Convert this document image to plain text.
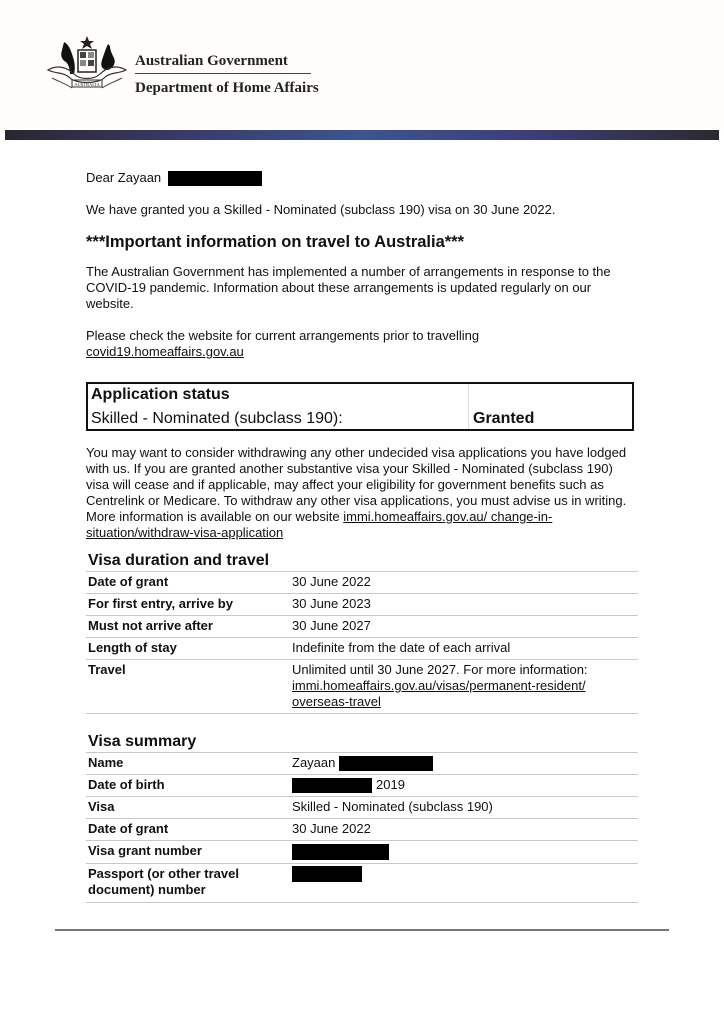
AUSTRALIA
Australian Government
Department of Home Affairs

Dear Zayaan

We have granted you a Skilled - Nominated (subclass 190) visa on 30 June 2022.

***Important information on travel to Australia***

The Australian Government has implemented a number of arrangements in response to the COVID-19 pandemic. Information about these arrangements is updated regularly on our website.

Please check the website for current arrangements prior to travelling

covid19.homeaffairs.gov.au
Application status
Skilled - Nominated (subclass 190):	Granted

You may want to consider withdrawing any other undecided visa applications you have lodged with us. If you are granted another substantive visa your Skilled - Nominated (subclass 190) visa will cease and if applicable, may affect your eligibility for government benefits such as Centrelink or Medicare. To withdraw any other visa applications, you must advise us in writing. More information is available on our website immi.homeaffairs.gov.au/ change-in-situation/withdraw-visa-application

Visa duration and travel
Date of grant	30 June 2022
For first entry, arrive by	30 June 2023
Must not arrive after	30 June 2027
Length of stay	Indefinite from the date of each arrival
Travel	Unlimited until 30 June 2027. For more information:
immi.homeaffairs.gov.au/visas/permanent-resident/ overseas-travel
Visa summary
Name	Zayaan
Date of birth	2019
Visa	Skilled - Nominated (subclass 190)
Date of grant	30 June 2022
Visa grant number	
Passport (or other travel document) number	
